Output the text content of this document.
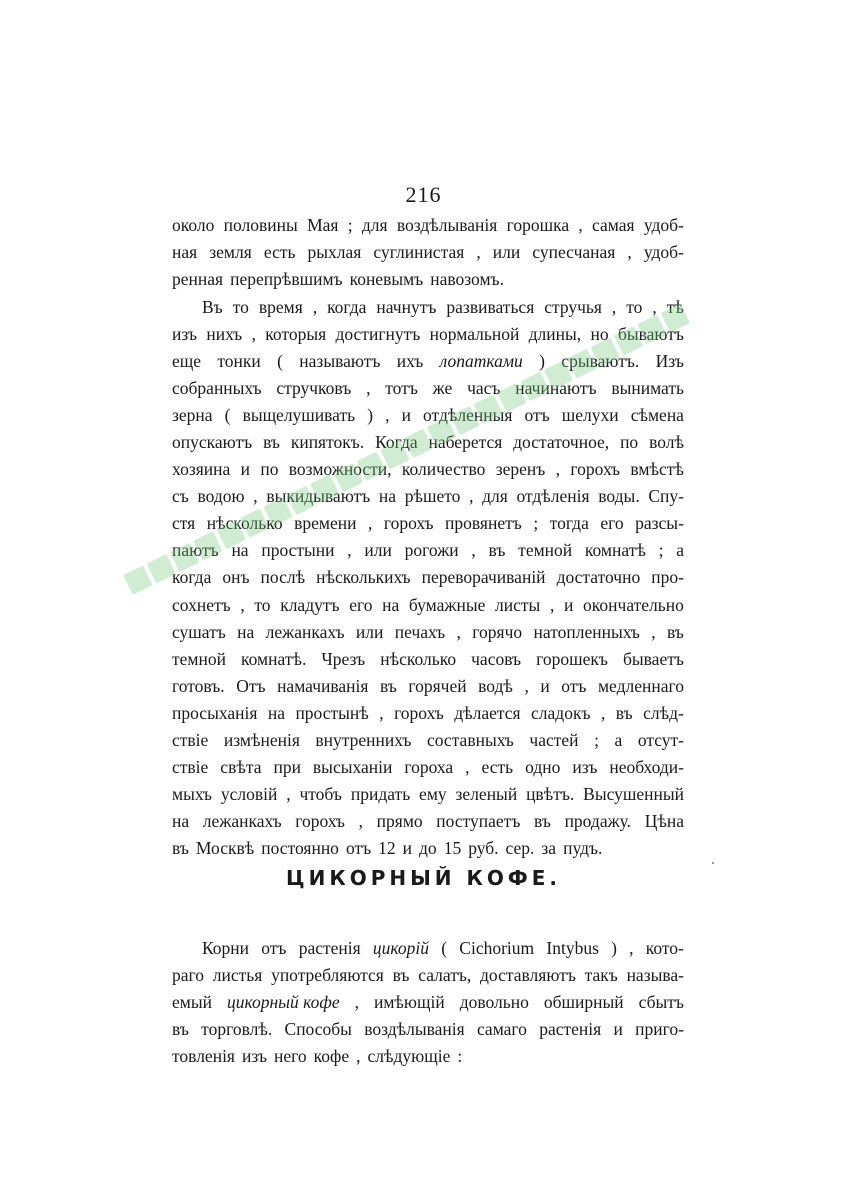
216
около половины Мая ; для воздѣлыванія горошка , самая удоб-
ная земля есть рыхлая суглинистая , или супесчаная , удоб-
ренная перепрѣвшимъ коневымъ навозомъ.
Въ то время , когда начнутъ развиваться стручья , то , тѣ
изъ нихъ , которыя достигнутъ нормальной длины, но бываютъ
еще тонки ( называютъ ихъ лопатками ) срываютъ. Изъ
собранныхъ стручковъ , тотъ же часъ начинаютъ вынимать
зерна ( выщелушивать ) , и отдѣленныя отъ шелухи сѣмена
опускаютъ въ кипятокъ. Когда наберется достаточное, по волѣ
хозяина и по возможности, количество зеренъ , горохъ вмѣстѣ
съ водою , выкидываютъ на рѣшето , для отдѣленія воды. Спу-
стя нѣсколько времени , горохъ провянетъ ; тогда его разсы-
паютъ на простыни , или рогожи , въ темной комнатѣ ; а
когда онъ послѣ нѣсколькихъ переворачиваній достаточно про-
сохнетъ , то кладутъ его на бумажные листы , и окончательно
сушатъ на лежанкахъ или печахъ , горячо натопленныхъ , въ
темной комнатѣ. Чрезъ нѣсколько часовъ горошекъ бываетъ
готовъ. Отъ намачиванія въ горячей водѣ , и отъ медленнаго
просыханія на простынѣ , горохъ дѣлается сладокъ , въ слѣд-
ствіе измѣненія внутреннихъ составныхъ частей ; а отсут-
ствіе свѣта при высыханіи гороха , есть одно изъ необходи-
мыхъ условій , чтобъ придать ему зеленый цвѣтъ. Высушенный
на лежанкахъ горохъ , прямо поступаетъ въ продажу. Цѣна
въ Москвѣ постоянно отъ 12 и до 15 руб. сер. за пудъ.
ЦИКОРНЫЙ КОФЕ.
Корни отъ растенія цикорій ( Cichorium Intybus ) , кото-
раго листья употребляются въ салатъ, доставляютъ такъ называ-
емый цикорный кофе , имѣющій довольно обширный сбытъ
въ торговлѣ. Способы воздѣлыванія самаго растенія и приго-
товленія изъ него кофе , слѣдующіе :
